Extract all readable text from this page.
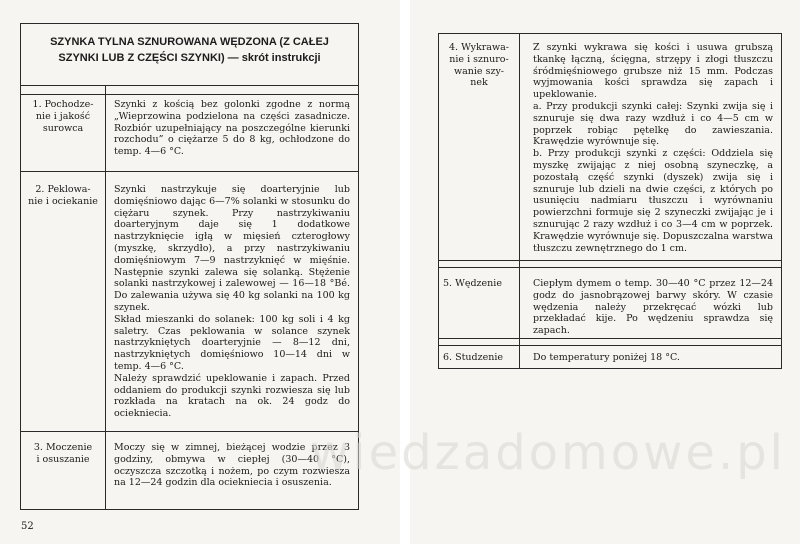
SZYNKA TYLNA SZNUROWANA WĘDZONA (Z CAŁEJ
SZYNKI LUB Z CZĘŚCI SZYNKI) — skrót instrukcji
1. Pochodze-
nie i jakość
surowca
Szynki z kością bez golonki zgodne z normą „Wieprzowina podzielona na części zasadnicze. Rozbiór uzupełniający na poszczególne kierunki rozchodu” o ciężarze 5 do 8 kg, ochłodzone do temp. 4—6 °C.
2. Peklowa-
nie i ociekanie

Szynki nastrzykuje się doarteryjnie lub domięśniowo dając 6—7% solanki w stosunku do ciężaru szynek. Przy nastrzykiwaniu doarteryjnym daje się 1 dodatkowe nastrzyknięcie igłą w mięsień czterogłowy (myszkę, skrzydło), a przy nastrzykiwaniu domięśniowym 7—9 nastrzyknięć w mięśnie. Następnie szynki zalewa się solanką. Stężenie solanki nastrzykowej i zalewowej — 16—18 °Bé. Do zalewania używa się 40 kg solanki na 100 kg szynek.

Skład mieszanki do solanek: 100 kg soli i 4 kg saletry. Czas peklowania w solance szynek nastrzykniętych doarteryjnie — 8—12 dni, nastrzykniętych domięśniowo 10—14 dni w temp. 4—6 °C.

Należy sprawdzić upeklowanie i zapach. Przed oddaniem do produkcji szynki rozwiesza się lub rozkłada na kratach na ok. 24 godz do ociekniecia.

3. Moczenie
i osuszanie
Moczy się w zimnej, bieżącej wodzie przez 3 godziny, obmywa w ciepłej (30—40 °C), oczyszcza szczotką i nożem, po czym rozwiesza na 12—24 godzin dla ociekniecia i osuszenia.
52
4. Wykrawa-
nie i sznuro-
wanie szy-
nek

Z szynki wykrawa się kości i usuwa grubszą tkankę łączną, ścięgna, strzępy i złogi tłuszczu śródmięśniowego grubsze niż 15 mm. Podczas wyjmowania kości sprawdza się zapach i upeklowanie.

a. Przy produkcji szynki całej: Szynki zwija się i sznuruje się dwa razy wzdłuż i co 4—5 cm w poprzek robiąc pętelkę do zawieszania. Krawędzie wyrównuje się.

b. Przy produkcji szynki z części: Oddziela się myszkę zwijając z niej osobną szyneczkę, a pozostałą część szynki (dyszek) zwija się i sznuruje lub dzieli na dwie części, z których po usunięciu nadmiaru tłuszczu i wyrównaniu powierzchni formuje się 2 szyneczki zwijając je i sznurując 2 razy wzdłuż i co 3—4 cm w poprzek. Krawędzie wyrównuje się. Dopuszczalna warstwa tłuszczu zewnętrznego do 1 cm.

5. Wędzenie	Ciepłym dymem o temp. 30—40 °C przez 12—24 godz do jasnobrązowej barwy skóry. W czasie wędzenia należy przekręcać wózki lub przekładać kije. Po wędzeniu sprawdza się zapach.
6. Studzenie	Do temperatury poniżej 18 °C.
wiedzadomowe.pl
